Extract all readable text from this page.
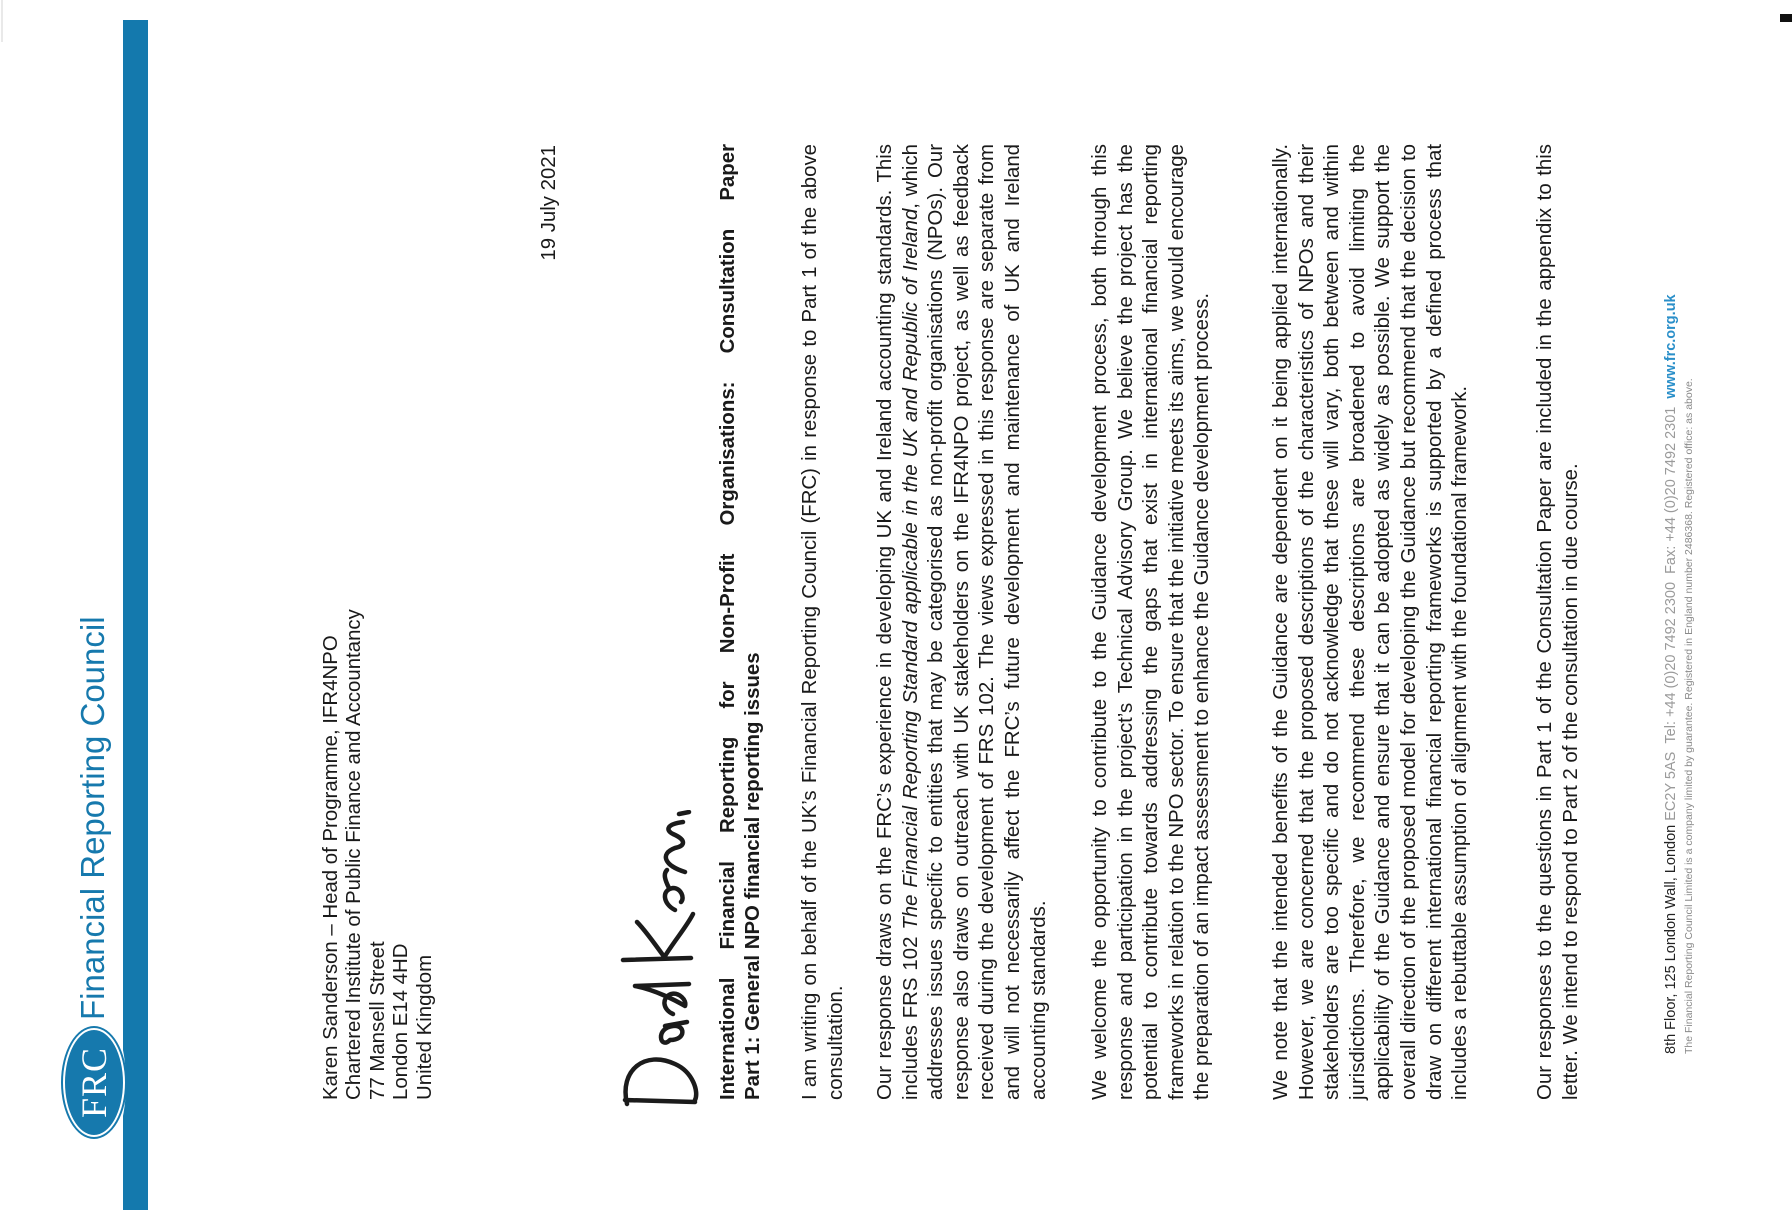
FRC
Financial Reporting Council	Karen Sanderson – Head of Programme, IFR4NPO Chartered Institute of Public Finance and Accountancy 77 Mansell Street London E14 4HD United Kingdom
19 July 2021	International Financial Reporting for Non-Profit Organisations: Consultation Paper Part 1: General NPO financial reporting issues I am writing on behalf of the UK’s Financial Reporting Council (FRC) in response to Part 1 of the above consultation. Our response draws on the FRC’s experience in developing UK and Ireland accounting standards. This includes FRS 102 The Financial Reporting Standard applicable in the UK and Republic of Ireland, which addresses issues specific to entities that may be categorised as non-profit organisations (NPOs). Our response also draws on outreach with UK stakeholders on the IFR4NPO project, as well as feedback received during the development of FRS 102. The views expressed in this response are separate from and will not necessarily affect the FRC’s future development and maintenance of UK and Ireland accounting standards. We welcome the opportunity to contribute to the Guidance development process, both through this response and participation in the project’s Technical Advisory Group. We believe the project has the potential to contribute towards addressing the gaps that exist in international financial reporting frameworks in relation to the NPO sector. To ensure that the initiative meets its aims, we would encourage the preparation of an impact assessment to enhance the Guidance development process.	We note that the intended benefits of the Guidance are dependent on it being applied internationally. However, we are concerned that the proposed descriptions of the characteristics of NPOs and their stakeholders are too specific and do not acknowledge that these will vary, both between and within jurisdictions. Therefore, we recommend these descriptions are broadened to avoid limiting the applicability of the Guidance and ensure that it can be adopted as widely as possible. We support the overall direction of the proposed model for developing the Guidance but recommend that the decision to draw on different international financial reporting frameworks is supported by a defined process that includes a rebuttable assumption of alignment with the foundational framework.	Our responses to the questions in Part 1 of the Consultation Paper are included in the appendix to this letter. We intend to respond to Part 2 of the consultation in due course.	8th Floor, 125 London Wall, London EC2Y 5AS  Tel: +44 (0)20 7492 2300  Fax: +44 (0)20 7492 2301  www.frc.org.uk
The Financial Reporting Council Limited is a company limited by guarantee. Registered in England number 2486368. Registered office: as above.
